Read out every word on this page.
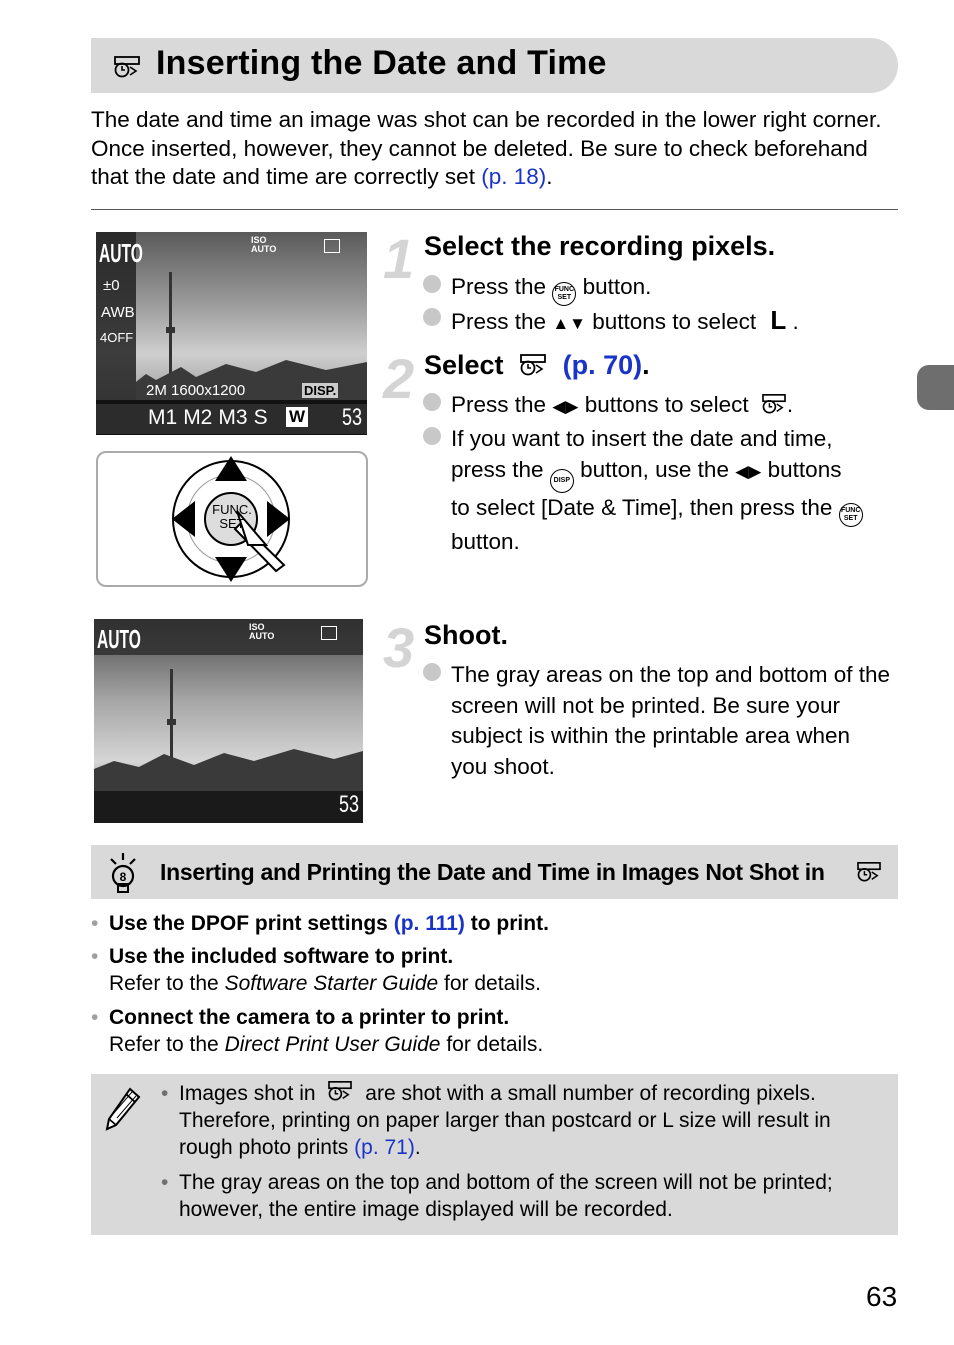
Inserting the Date and Time
The date and time an image was shot can be recorded in the lower right corner. Once inserted, however, they cannot be deleted. Be sure to check beforehand that the date and time are correctly set (p. 18).
AUTO
±0
AWB
4OFF
ISO AUTO
2M 1600x1200	DISP.
M1 M2 M3 S W 53
FUNC. SET
1 Select the recording pixels.
Press the FUNC SET button.
Press the ▲▼ buttons to select L .
2 Select (p. 70).
Press the ◀▶ buttons to select .
If you want to insert the date and time,
press the DISP button, use the ◀▶ buttons
to select [Date & Time], then press the FUNC SET
button.
AUTO	ISO AUTO
53
3 Shoot.
The gray areas on the top and bottom of the screen will not be printed. Be sure your subject is within the printable area when you shoot.
8 Inserting and Printing the Date and Time in Images Not Shot in
• Use the DPOF print settings (p. 111) to print.
• Use the included software to print.
Refer to the Software Starter Guide for details.
• Connect the camera to a printer to print.
Refer to the Direct Print User Guide for details.
• Images shot in are shot with a small number of recording pixels.
Therefore, printing on paper larger than postcard or L size will result in
rough photo prints (p. 71).
• The gray areas on the top and bottom of the screen will not be printed;
however, the entire image displayed will be recorded.
63
